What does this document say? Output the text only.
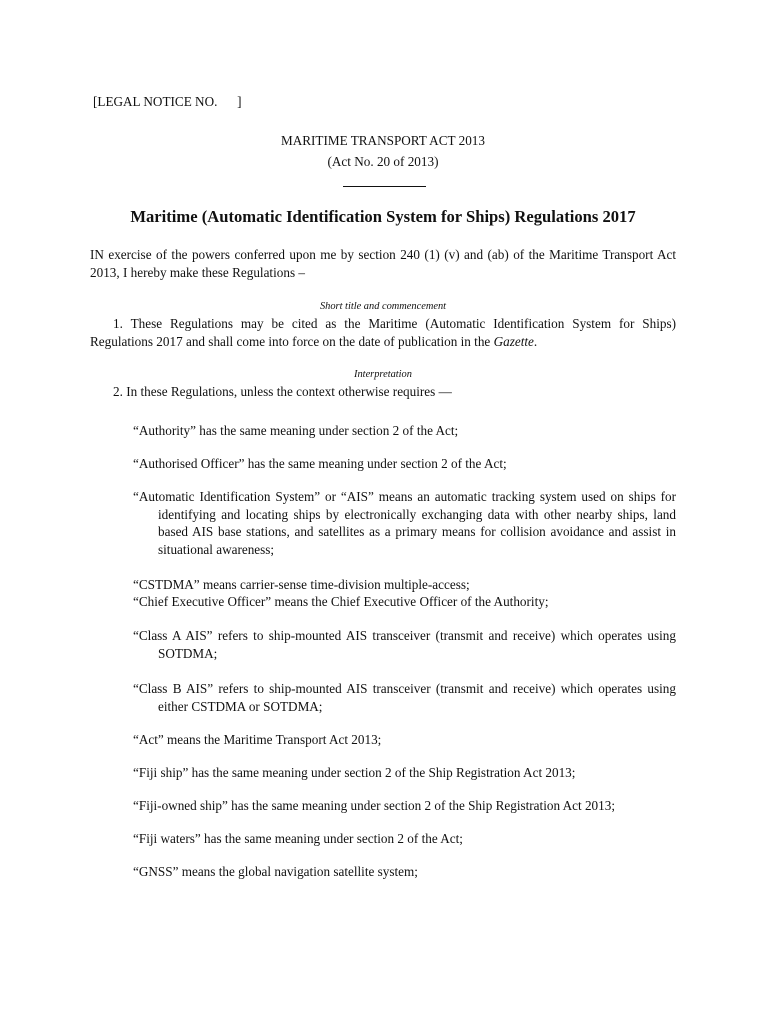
[LEGAL NOTICE NO.      ]
MARITIME TRANSPORT ACT 2013
(Act No. 20 of 2013)
Maritime (Automatic Identification System for Ships) Regulations 2017
IN exercise of the powers conferred upon me by section 240 (1) (v) and (ab) of the Maritime Transport Act 2013, I hereby make these Regulations –
Short title and commencement
1. These Regulations may be cited as the Maritime (Automatic Identification System for Ships) Regulations 2017 and shall come into force on the date of publication in the Gazette.
Interpretation
2. In these Regulations, unless the context otherwise requires —
“Authority” has the same meaning under section 2 of the Act;
“Authorised Officer” has the same meaning under section 2 of the Act;
“Automatic Identification System” or “AIS” means an automatic tracking system used on ships for identifying and locating ships by electronically exchanging data with other nearby ships, land based AIS base stations, and satellites as a primary means for collision avoidance and assist in situational awareness;
“CSTDMA” means carrier-sense time-division multiple-access;
“Chief Executive Officer” means the Chief Executive Officer of the Authority;
“Class A AIS” refers to ship-mounted AIS transceiver (transmit and receive) which operates using SOTDMA;
“Class B AIS” refers to ship-mounted AIS transceiver (transmit and receive) which operates using either CSTDMA or SOTDMA;
“Act” means the Maritime Transport Act 2013;
“Fiji ship” has the same meaning under section 2 of the Ship Registration Act 2013;
“Fiji-owned ship” has the same meaning under section 2 of the Ship Registration Act 2013;
“Fiji waters” has the same meaning under section 2 of the Act;
“GNSS” means the global navigation satellite system;
